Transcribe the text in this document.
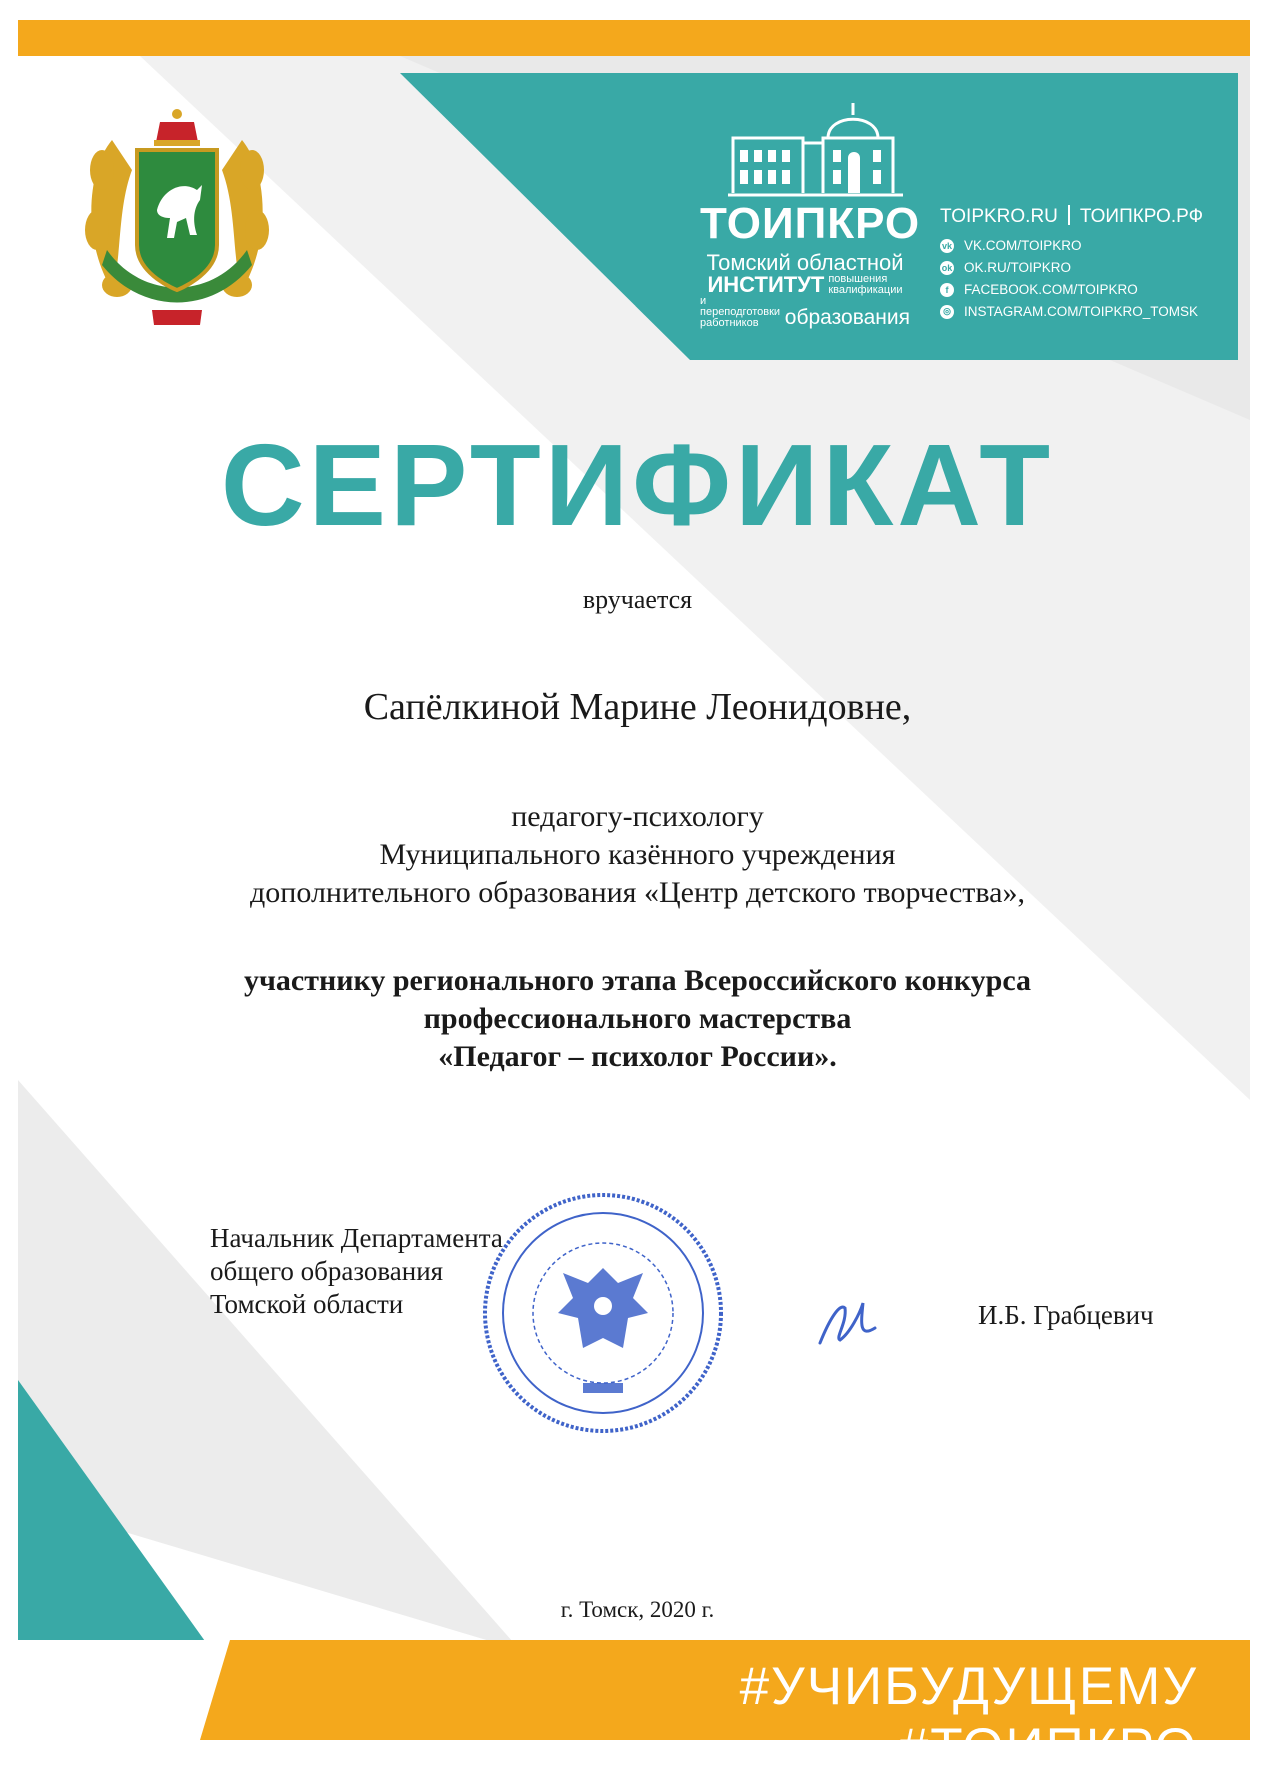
ТОИПКРО
Томский областной
ИНСТИТУТ повышения
квалификации
и переподготовки
работников	образования
TOIPKRO.RU ТОИПКРО.РФ
vk VK.COM/TOIPKRO
ok OK.RU/TOIPKRO
f	FACEBOOK.COM/TOIPKRO
◎ INSTAGRAM.COM/TOIPKRO_TOMSK
СЕРТИФИКАТ
вручается
Сапёлкиной Марине Леонидовне,
педагогу-психологу
Муниципального казённого учреждения
дополнительного образования «Центр детского творчества»,
участнику регионального этапа Всероссийского конкурса
профессионального мастерства
«Педагог – психолог России».
Начальник Департамента
общего образования
Томской области	И.Б. Грабцевич
г. Томск, 2020 г.
#УЧИБУДУЩЕМУ #ТОИПКРО
